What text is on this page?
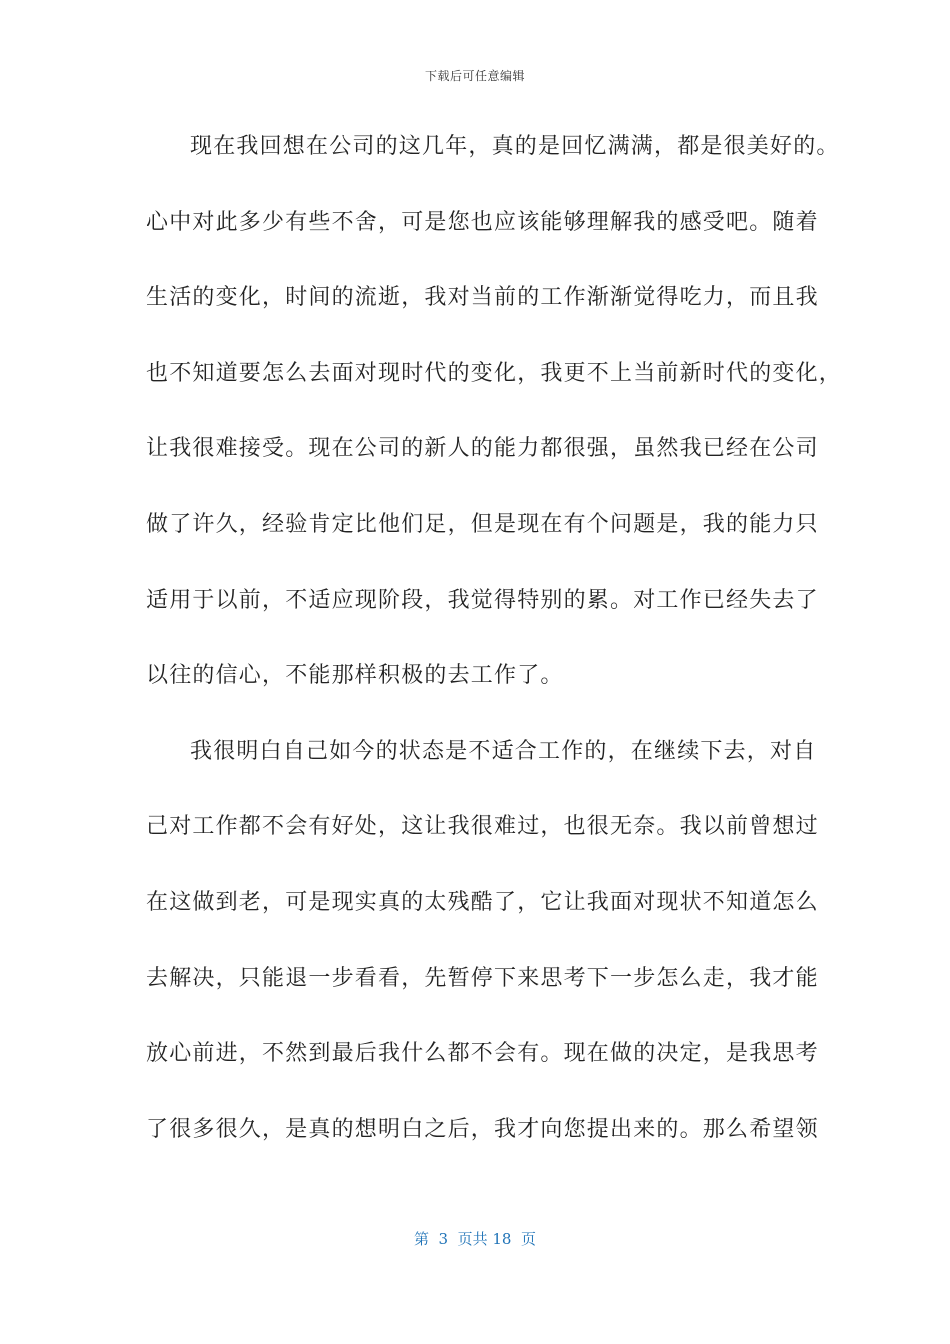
下载后可任意编辑
现在我回想在公司的这几年，真的是回忆满满，都是很美好的。
心中对此多少有些不舍，可是您也应该能够理解我的感受吧。随着
生活的变化，时间的流逝，我对当前的工作渐渐觉得吃力，而且我
也不知道要怎么去面对现时代的变化，我更不上当前新时代的变化，
让我很难接受。现在公司的新人的能力都很强，虽然我已经在公司
做了许久，经验肯定比他们足，但是现在有个问题是，我的能力只
适用于以前，不适应现阶段，我觉得特别的累。对工作已经失去了
以往的信心，不能那样积极的去工作了。
我很明白自己如今的状态是不适合工作的，在继续下去，对自
己对工作都不会有好处，这让我很难过，也很无奈。我以前曾想过
在这做到老，可是现实真的太残酷了，它让我面对现状不知道怎么
去解决，只能退一步看看，先暂停下来思考下一步怎么走，我才能
放心前进，不然到最后我什么都不会有。现在做的决定，是我思考
了很多很久，是真的想明白之后，我才向您提出来的。那么希望领
第  3  页共 18  页
